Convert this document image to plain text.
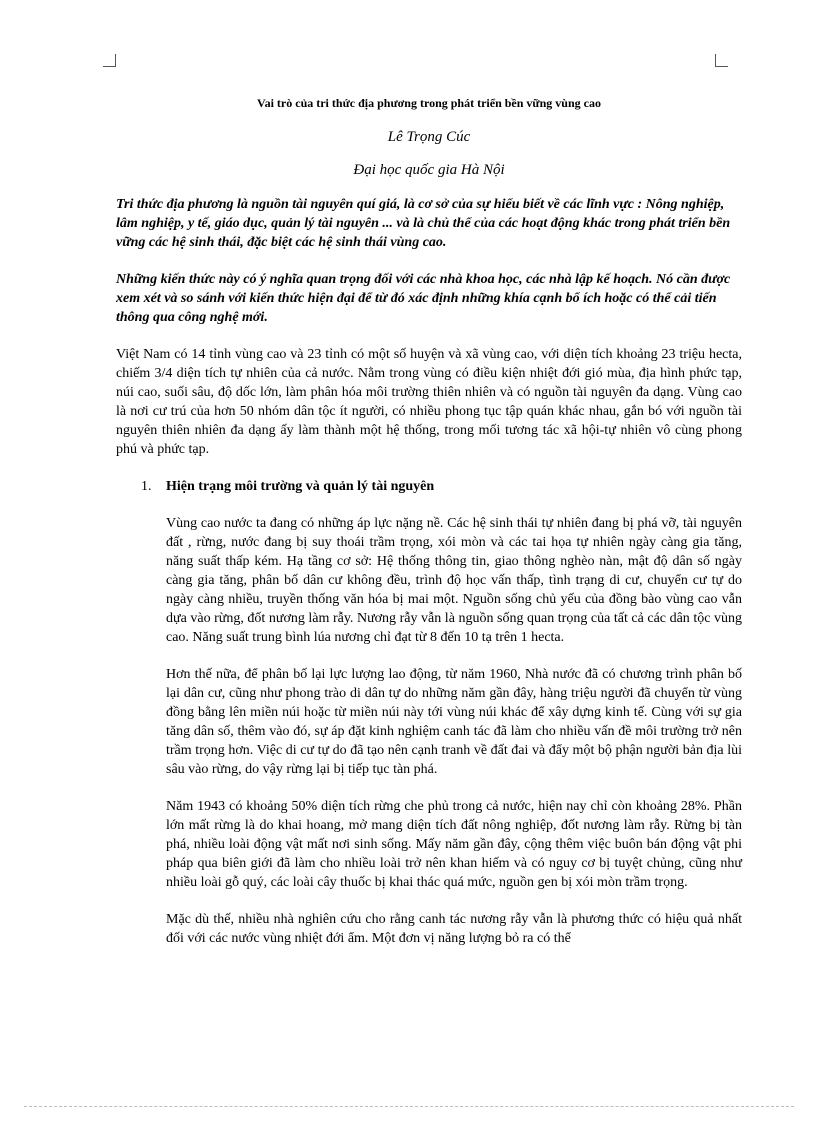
Vai trò của tri thức địa phương trong phát triển bền vững vùng cao
Lê Trọng Cúc
Đại học quốc gia Hà Nội

Tri thức địa phương là nguồn tài nguyên quí giá, là cơ sở của sự hiểu biết về các lĩnh vực : Nông nghiệp, lâm nghiệp, y tế, giáo dục, quản lý tài nguyên ... và là chủ thể của các hoạt động khác trong phát triển bền vững các hệ sinh thái, đặc biệt các hệ sinh thái vùng cao.

Những kiến thức này có ý nghĩa quan trọng đối với các nhà khoa học, các nhà lập kế hoạch. Nó cần được xem xét và so sánh với kiến thức hiện đại để từ đó xác định những khía cạnh bổ ích hoặc có thể cải tiến thông qua công nghệ mới.

Việt Nam có 14 tỉnh vùng cao và 23 tỉnh có một số huyện và xã vùng cao, với diện tích khoảng 23 triệu hecta, chiếm 3/4 diện tích tự nhiên của cả nước. Nằm trong vùng có điều kiện nhiệt đới gió mùa, địa hình phức tạp, núi cao, suối sâu, độ dốc lớn, làm phân hóa môi trường thiên nhiên và có nguồn tài nguyên đa dạng. Vùng cao là nơi cư trú của hơn 50 nhóm dân tộc ít người, có nhiều phong tục tập quán khác nhau, gắn bó với nguồn tài nguyên thiên nhiên đa dạng ấy làm thành một hệ thống, trong mối tương tác xã hội-tự nhiên vô cùng phong phú và phức tạp.

1. Hiện trạng môi trường và quản lý tài nguyên

Vùng cao nước ta đang có những áp lực nặng nề. Các hệ sinh thái tự nhiên đang bị phá vỡ, tài nguyên đất , rừng, nước đang bị suy thoái trầm trọng, xói mòn và các tai họa tự nhiên ngày càng gia tăng, năng suất thấp kém. Hạ tầng cơ sở: Hệ thống thông tin, giao thông nghèo nàn, mật độ dân số ngày càng gia tăng, phân bố dân cư không đều, trình độ học vấn thấp, tình trạng di cư, chuyển cư tự do ngày càng nhiều, truyền thống văn hóa bị mai một. Nguồn sống chủ yếu của đồng bào vùng cao vẫn dựa vào rừng, đốt nương làm rẫy. Nương rẫy vẫn là nguồn sống quan trọng của tất cả các dân tộc vùng cao. Năng suất trung bình lúa nương chỉ đạt từ 8 đến 10 tạ trên 1 hecta.

Hơn thế nữa, để phân bố lại lực lượng lao động, từ năm 1960, Nhà nước đã có chương trình phân bố lại dân cư, cũng như phong trào di dân tự do những năm gần đây, hàng triệu người đã chuyển từ vùng đồng bằng lên miền núi hoặc từ miền núi này tới vùng núi khác để xây dựng kinh tế. Cùng với sự gia tăng dân số, thêm vào đó, sự áp đặt kinh nghiệm canh tác đã làm cho nhiều vấn đề môi trường trở nên trầm trọng hơn. Việc di cư tự do đã tạo nên cạnh tranh về đất đai và đẩy một bộ phận người bản địa lùi sâu vào rừng, do vậy rừng lại bị tiếp tục tàn phá.

Năm 1943 có khoảng 50% diện tích rừng che phủ trong cả nước, hiện nay chỉ còn khoảng 28%. Phần lớn mất rừng là do khai hoang, mở mang diện tích đất nông nghiệp, đốt nương làm rẫy. Rừng bị tàn phá, nhiều loài động vật mất nơi sinh sống. Mấy năm gần đây, cộng thêm việc buôn bán động vật phi pháp qua biên giới đã làm cho nhiều loài trở nên khan hiếm và có nguy cơ bị tuyệt chủng, cũng như nhiều loài gỗ quý, các loài cây thuốc bị khai thác quá mức, nguồn gen bị xói mòn trầm trọng.

Mặc dù thế, nhiều nhà nghiên cứu cho rằng canh tác nương rẫy vẫn là phương thức có hiệu quả nhất đối với các nước vùng nhiệt đới ẩm. Một đơn vị năng lượng bỏ ra có thể
